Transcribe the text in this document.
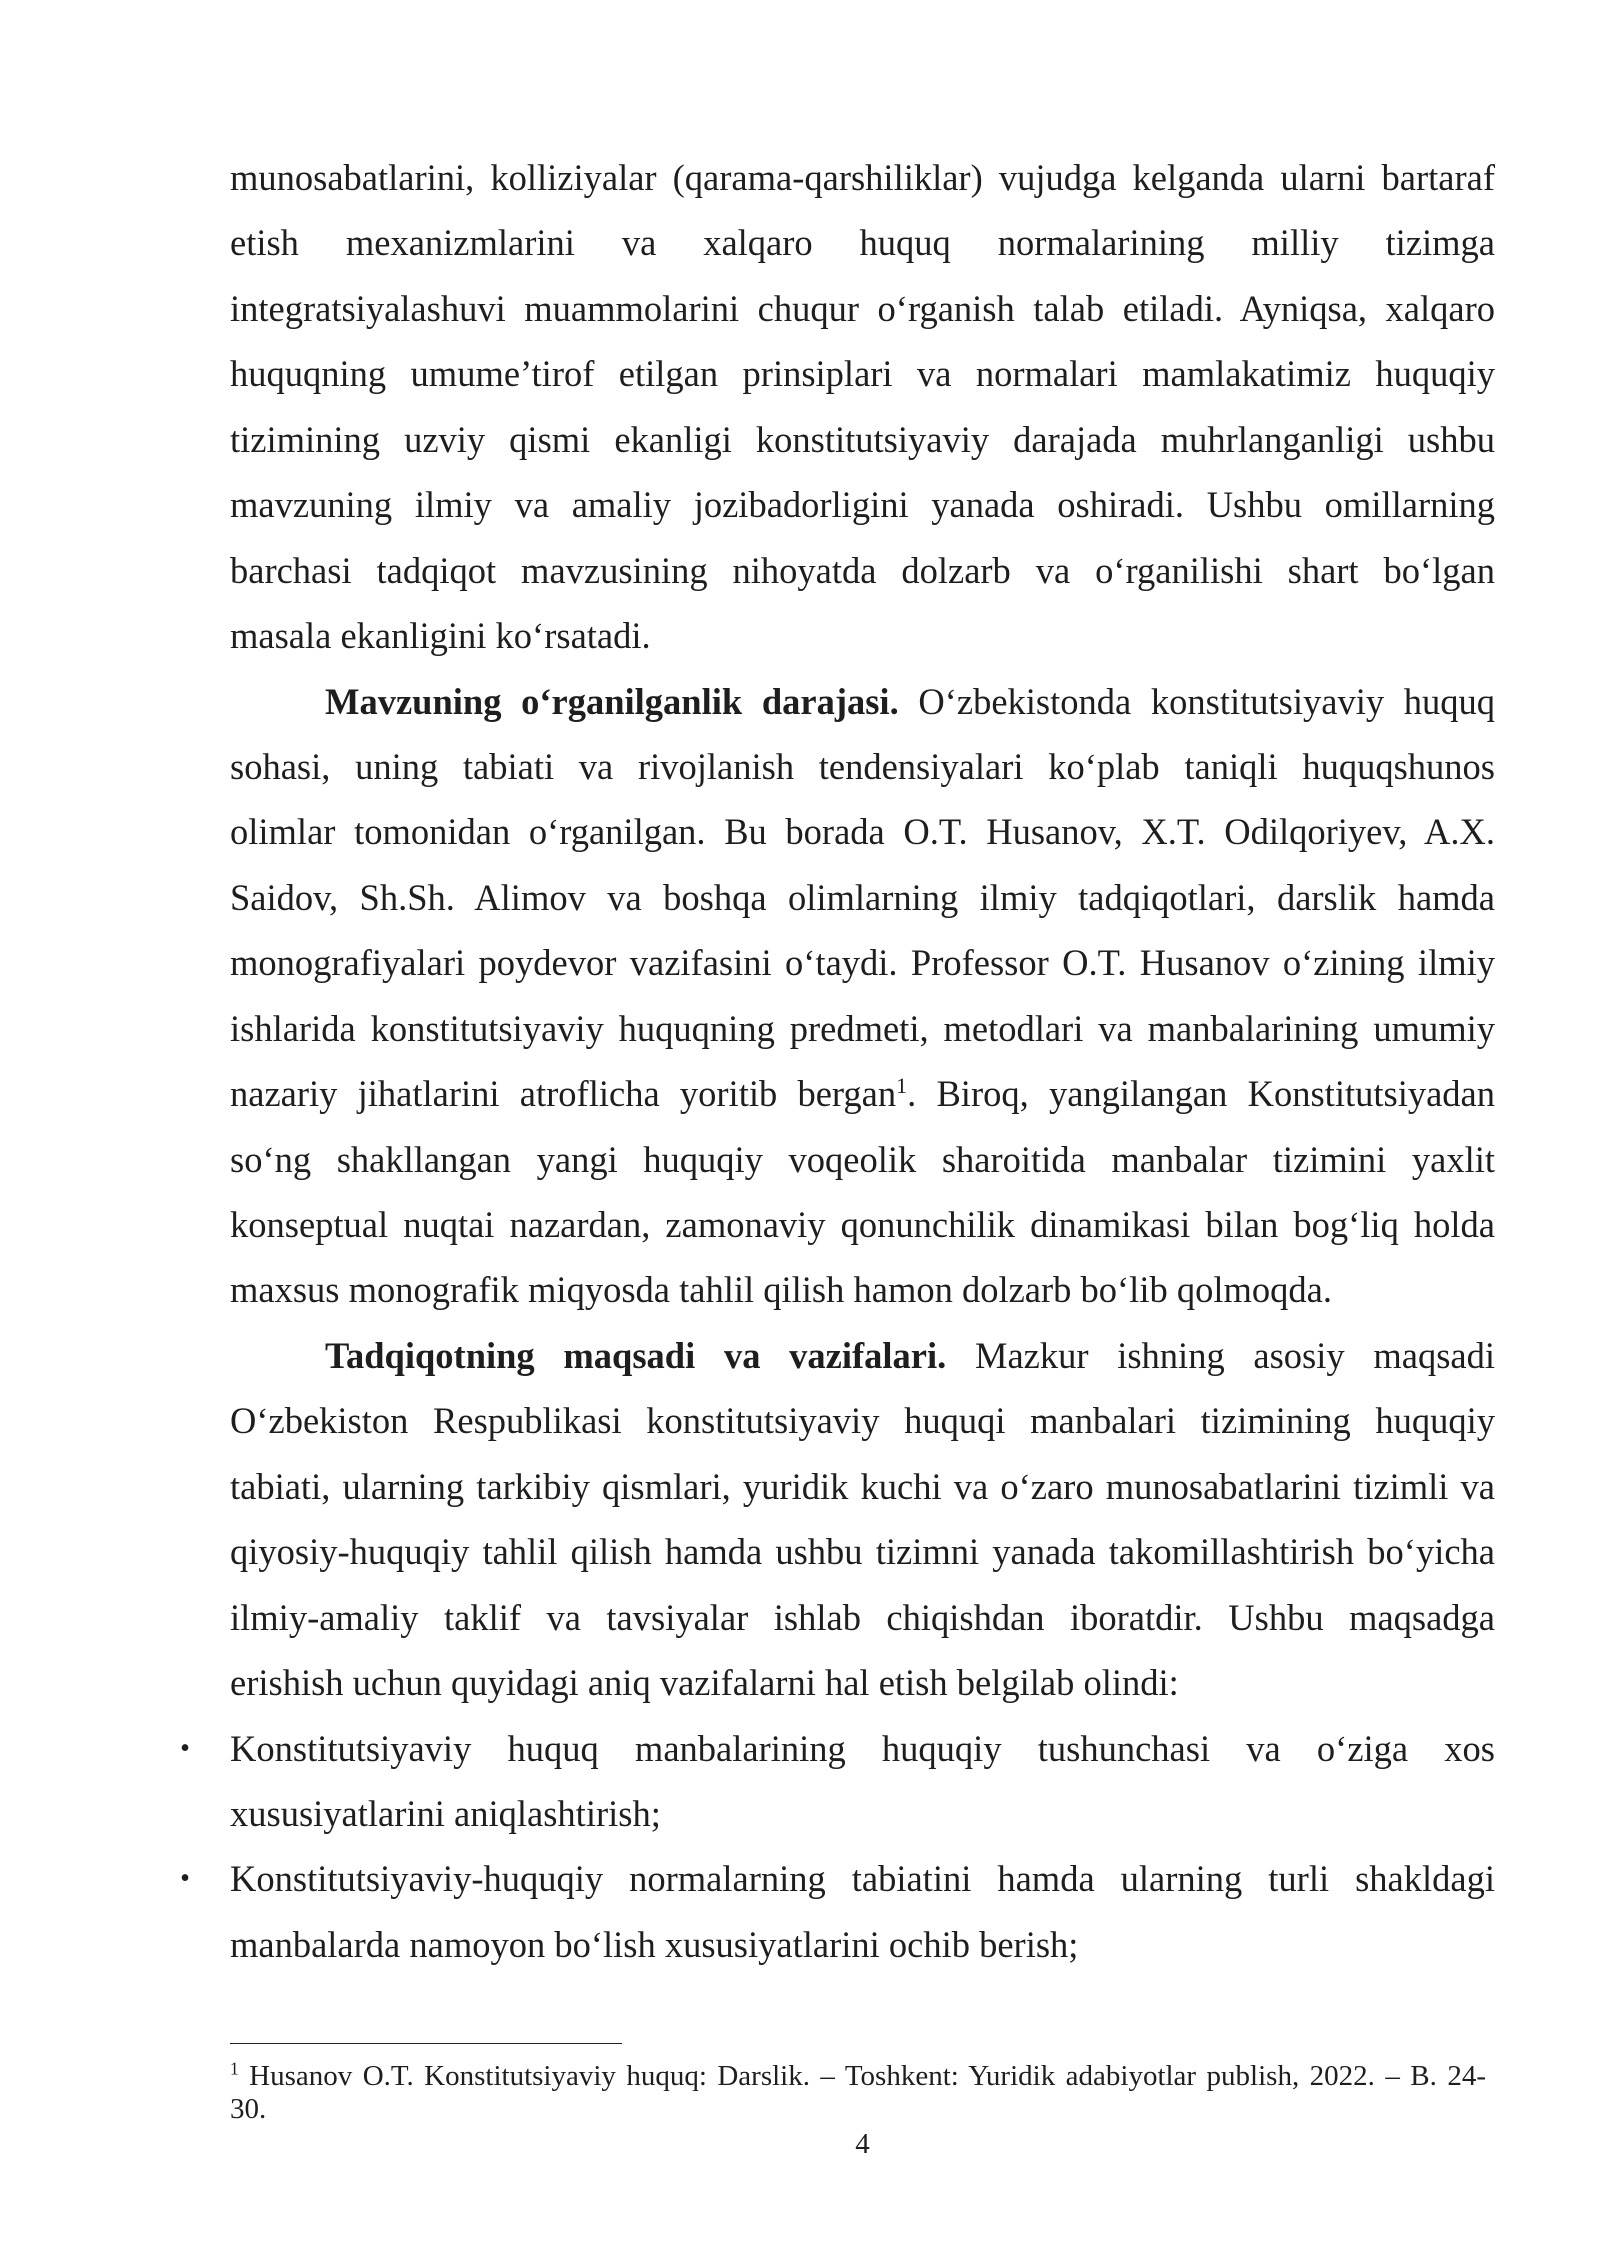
munosabatlarini, kolliziyalar (qarama-qarshiliklar) vujudga kelganda ularni bartaraf
etish mexanizmlarini va xalqaro huquq normalarining milliy tizimga
integratsiyalashuvi muammolarini chuqur oʻrganish talab etiladi. Ayniqsa, xalqaro
huquqning umume’tirof etilgan prinsiplari va normalari mamlakatimiz huquqiy
tizimining uzviy qismi ekanligi konstitutsiyaviy darajada muhrlanganligi ushbu
mavzuning ilmiy va amaliy jozibadorligini yanada oshiradi. Ushbu omillarning
barchasi tadqiqot mavzusining nihoyatda dolzarb va oʻrganilishi shart boʻlgan
masala ekanligini koʻrsatadi.
Mavzuning oʻrganilganlik darajasi. Oʻzbekistonda konstitutsiyaviy huquq
sohasi, uning tabiati va rivojlanish tendensiyalari koʻplab taniqli huquqshunos
olimlar tomonidan oʻrganilgan. Bu borada O.T. Husanov, X.T. Odilqoriyev, A.X.
Saidov, Sh.Sh. Alimov va boshqa olimlarning ilmiy tadqiqotlari, darslik hamda
monografiyalari poydevor vazifasini oʻtaydi. Professor O.T. Husanov oʻzining ilmiy
ishlarida konstitutsiyaviy huquqning predmeti, metodlari va manbalarining umumiy
nazariy jihatlarini atroflicha yoritib bergan$^1$. Biroq, yangilangan Konstitutsiyadan
soʻng shakllangan yangi huquqiy voqeolik sharoitida manbalar tizimini yaxlit
konseptual nuqtai nazardan, zamonaviy qonunchilik dinamikasi bilan bogʻliq holda
maxsus monografik miqyosda tahlil qilish hamon dolzarb boʻlib qolmoqda.
Tadqiqotning maqsadi va vazifalari. Mazkur ishning asosiy maqsadi
Oʻzbekiston Respublikasi konstitutsiyaviy huquqi manbalari tizimining huquqiy
tabiati, ularning tarkibiy qismlari, yuridik kuchi va oʻzaro munosabatlarini tizimli va
qiyosiy-huquqiy tahlil qilish hamda ushbu tizimni yanada takomillashtirish boʻyicha
ilmiy-amaliy taklif va tavsiyalar ishlab chiqishdan iboratdir. Ushbu maqsadga
erishish uchun quyidagi aniq vazifalarni hal etish belgilab olindi:
• Konstitutsiyaviy huquq manbalarining huquqiy tushunchasi va oʻziga xos
xususiyatlarini aniqlashtirish;
• Konstitutsiyaviy-huquqiy normalarning tabiatini hamda ularning turli shakldagi
manbalarda namoyon boʻlish xususiyatlarini ochib berish;
$^1$ Husanov O.T. Konstitutsiyaviy huquq: Darslik. – Toshkent: Yuridik adabiyotlar publish, 2022. – B. 24-
30.
4
